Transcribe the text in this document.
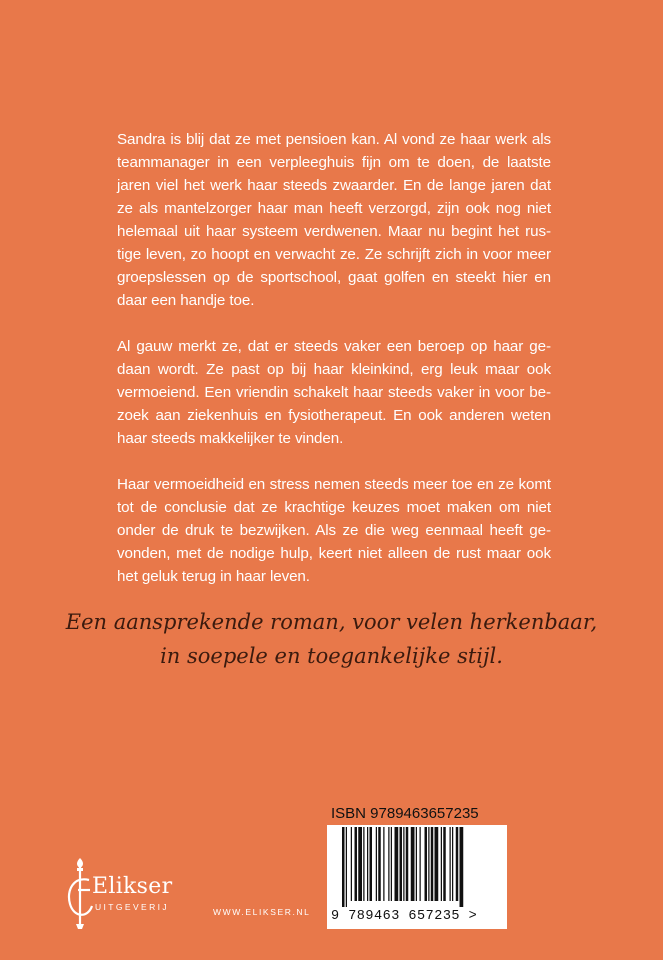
Sandra is blij dat ze met pensioen kan. Al vond ze haar werk als teammanager in een verpleeghuis fijn om te doen, de laatste jaren viel het werk haar steeds zwaarder. En de lange jaren dat ze als mantelzorger haar man heeft verzorgd, zijn ook nog niet helemaal uit haar systeem verdwenen. Maar nu begint het rustige leven, zo hoopt en verwacht ze. Ze schrijft zich in voor meer groepslessen op de sportschool, gaat golfen en steekt hier en daar een handje toe.

Al gauw merkt ze, dat er steeds vaker een beroep op haar gedaan wordt. Ze past op bij haar kleinkind, erg leuk maar ook vermoeiend. Een vriendin schakelt haar steeds vaker in voor bezoek aan ziekenhuis en fysiotherapeut. En ook anderen weten haar steeds makkelijker te vinden.

Haar vermoeidheid en stress nemen steeds meer toe en ze komt tot de conclusie dat ze krachtige keuzes moet maken om niet onder de druk te bezwijken. Als ze die weg eenmaal heeft gevonden, met de nodige hulp, keert niet alleen de rust maar ook het geluk terug in haar leven.

Een aansprekende roman, voor velen herkenbaar,
in soepele en toegankelijke stijl.
Elikser
UITGEVERIJ	WWW.ELIKSER.NL
ISBN 9789463657235
9 789463 657235 >
